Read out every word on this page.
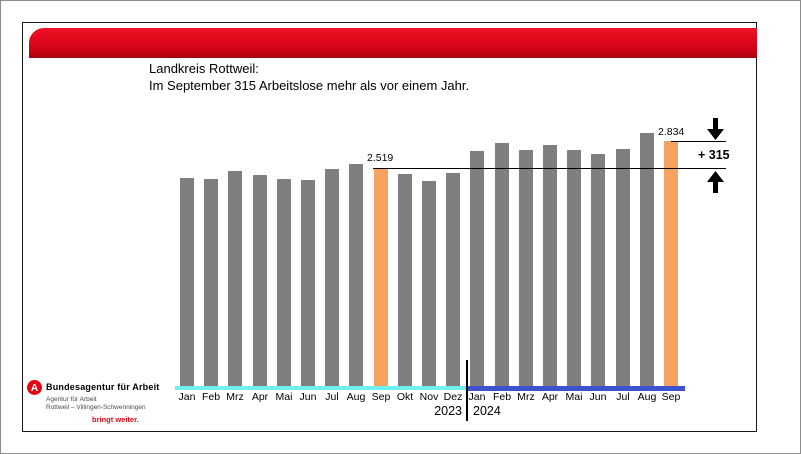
Landkreis Rottweil:
Im September 315 Arbeitslose mehr als vor einem Jahr.
Jan Feb Mrz Apr Mai Jun Jul Aug Sep Okt Nov Dez Jan Feb Mrz Apr Mai Jun Jul Aug Sep
2023 2024
2.519
2.834
+ 315
A Bundesagentur für Arbeit
Agentur für Arbeit
Rottweil – Villingen-Schwenningen
bringt weiter.
